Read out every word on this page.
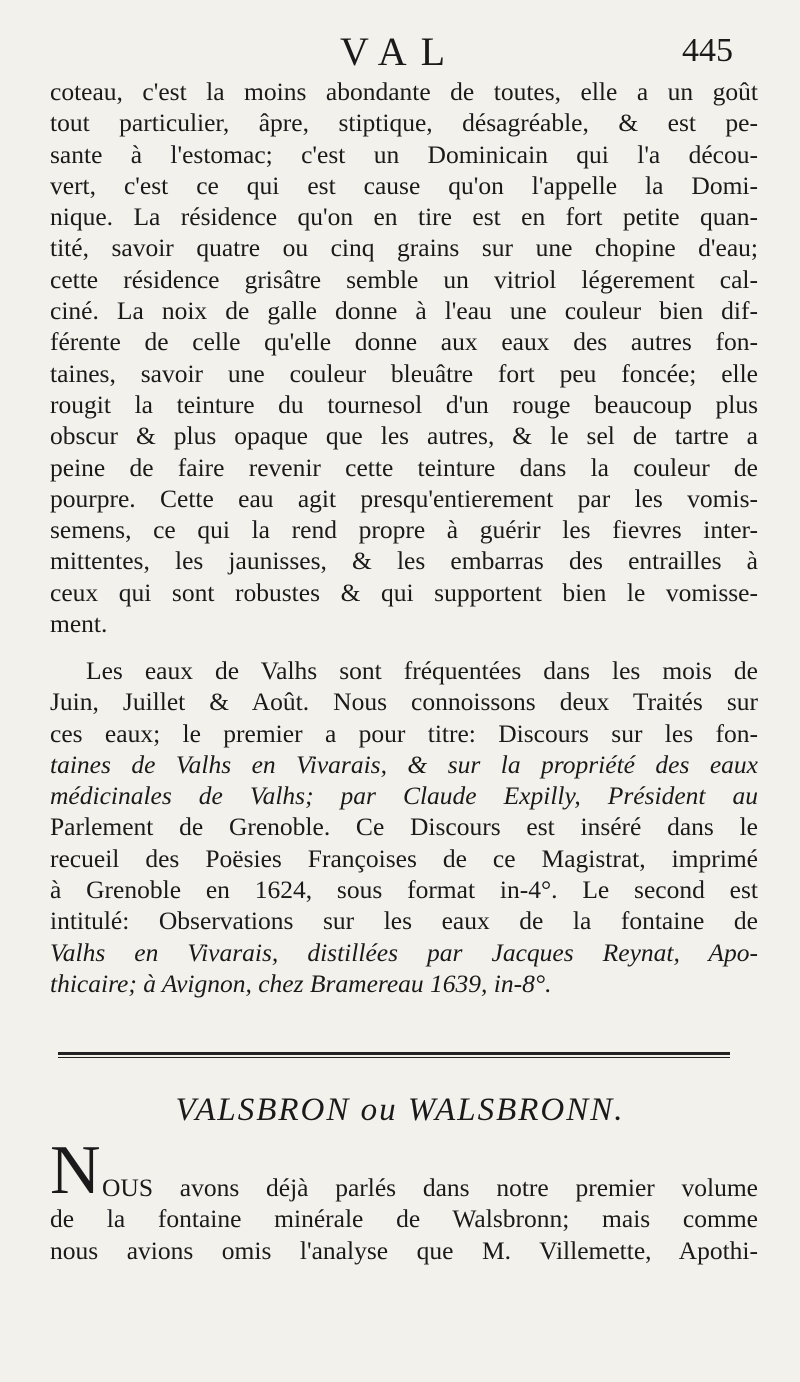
VAL	445
coteau, c'est la moins abondante de toutes, elle a un goût
tout particulier, âpre, stiptique, désagréable, & est pe-
sante à l'estomac; c'est un Dominicain qui l'a décou-
vert, c'est ce qui est cause qu'on l'appelle la Domi-
nique. La résidence qu'on en tire est en fort petite quan-
tité, savoir quatre ou cinq grains sur une chopine d'eau;
cette résidence grisâtre semble un vitriol légerement cal-
ciné. La noix de galle donne à l'eau une couleur bien dif-
férente de celle qu'elle donne aux eaux des autres fon-
taines, savoir une couleur bleuâtre fort peu foncée; elle
rougit la teinture du tournesol d'un rouge beaucoup plus
obscur & plus opaque que les autres, & le sel de tartre a
peine de faire revenir cette teinture dans la couleur de
pourpre. Cette eau agit presqu'entierement par les vomis-
semens, ce qui la rend propre à guérir les fievres inter-
mittentes, les jaunisses, & les embarras des entrailles à
ceux qui sont robustes & qui supportent bien le vomisse-
ment.
Les eaux de Valhs sont fréquentées dans les mois de
Juin, Juillet & Août. Nous connoissons deux Traités sur
ces eaux; le premier a pour titre: Discours sur les fon-
taines de Valhs en Vivarais, & sur la propriété des eaux
médicinales de Valhs; par Claude Expilly, Président au
Parlement de Grenoble. Ce Discours est inséré dans le
recueil des Poësies Françoises de ce Magistrat, imprimé
à Grenoble en 1624, sous format in-4°. Le second est
intitulé: Observations sur les eaux de la fontaine de
Valhs en Vivarais, distillées par Jacques Reynat, Apo-
thicaire; à Avignon, chez Bramereau 1639, in-8°.
VALSBRON ou WALSBRONN.
N OUS avons déjà parlés dans notre premier volume
de la fontaine minérale de Walsbronn; mais comme
nous avions omis l'analyse que M. Villemette, Apothi-
